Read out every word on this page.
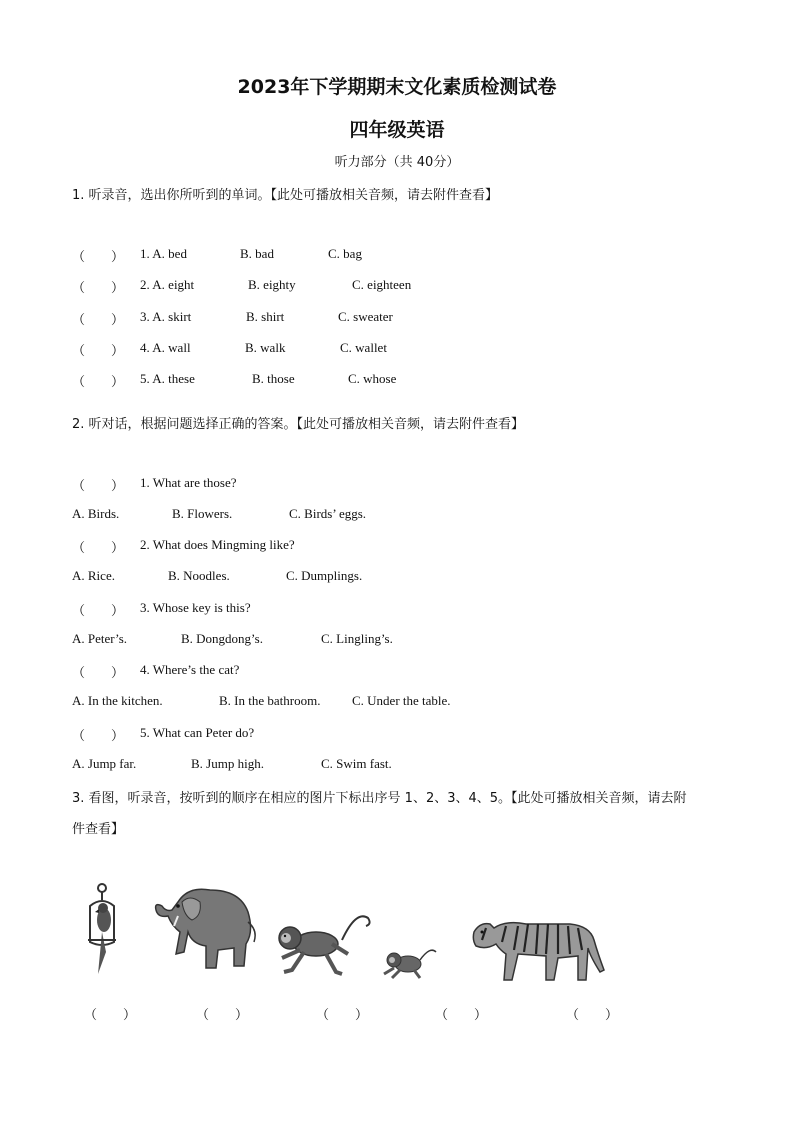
2023年下学期期末文化素质检测试卷
四年级英语
听力部分（共 40分）
1. 听录音，选出你所听到的单词。【此处可播放相关音频，请去附件查看】
（　　） 1. A. bed	B. bad	C. bag
（　　） 2. A. eight	B. eighty	C. eighteen
（　　） 3. A. skirt	B. shirt	C. sweater
（　　） 4. A. wall	B. walk	C. wallet
（　　） 5. A. these	B. those	C. whose
2. 听对话，根据问题选择正确的答案。【此处可播放相关音频，请去附件查看】
（　　） 1. What are those?
A. Birds.	B. Flowers.	C. Birds’ eggs.
（　　） 2. What does Mingming like?
A. Rice.	B. Noodles.	C. Dumplings.
（　　） 3. Whose key is this?
A. Peter’s.	B. Dongdong’s.	C. Lingling’s.
（　　） 4. Where’s the cat?
A. In the kitchen.	B. In the bathroom. C. Under the table.
（　　） 5. What can Peter do?
A. Jump far.	B. Jump high.	C. Swim fast.
3. 看图，听录音，按听到的顺序在相应的图片下标出序号 1、2、3、4、5。【此处可播放相关音频，请去附
件查看】
（　　）	（　　）	（　　）	（　　）	（　　）
